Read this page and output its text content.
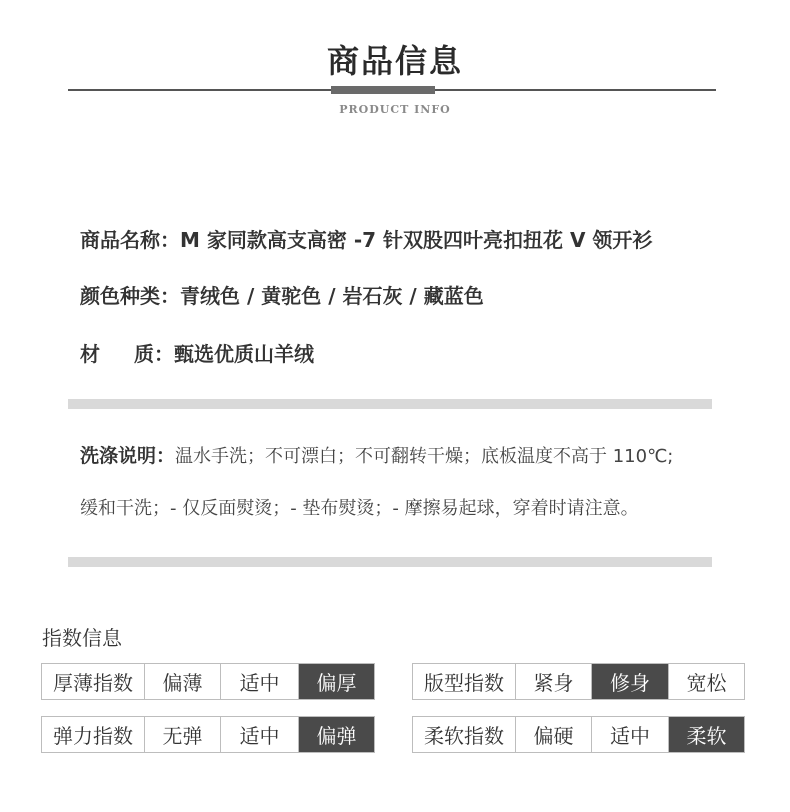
商品信息
PRODUCT INFO
商品名称：M 家同款高支高密 -7 针双股四叶亮扣扭花 V 领开衫
颜色种类：青绒色 / 黄驼色 / 岩石灰 / 藏蓝色
材 质：甄选优质山羊绒
洗涤说明：温水手洗；不可漂白；不可翻转干燥；底板温度不高于 110℃;
缓和干洗；- 仅反面熨烫；- 垫布熨烫；- 摩擦易起球，穿着时请注意。
指数信息
厚薄指数	偏薄	适中	偏厚	版型指数	紧身	修身	宽松
弹力指数	无弹	适中	偏弹	柔软指数	偏硬	适中	柔软
